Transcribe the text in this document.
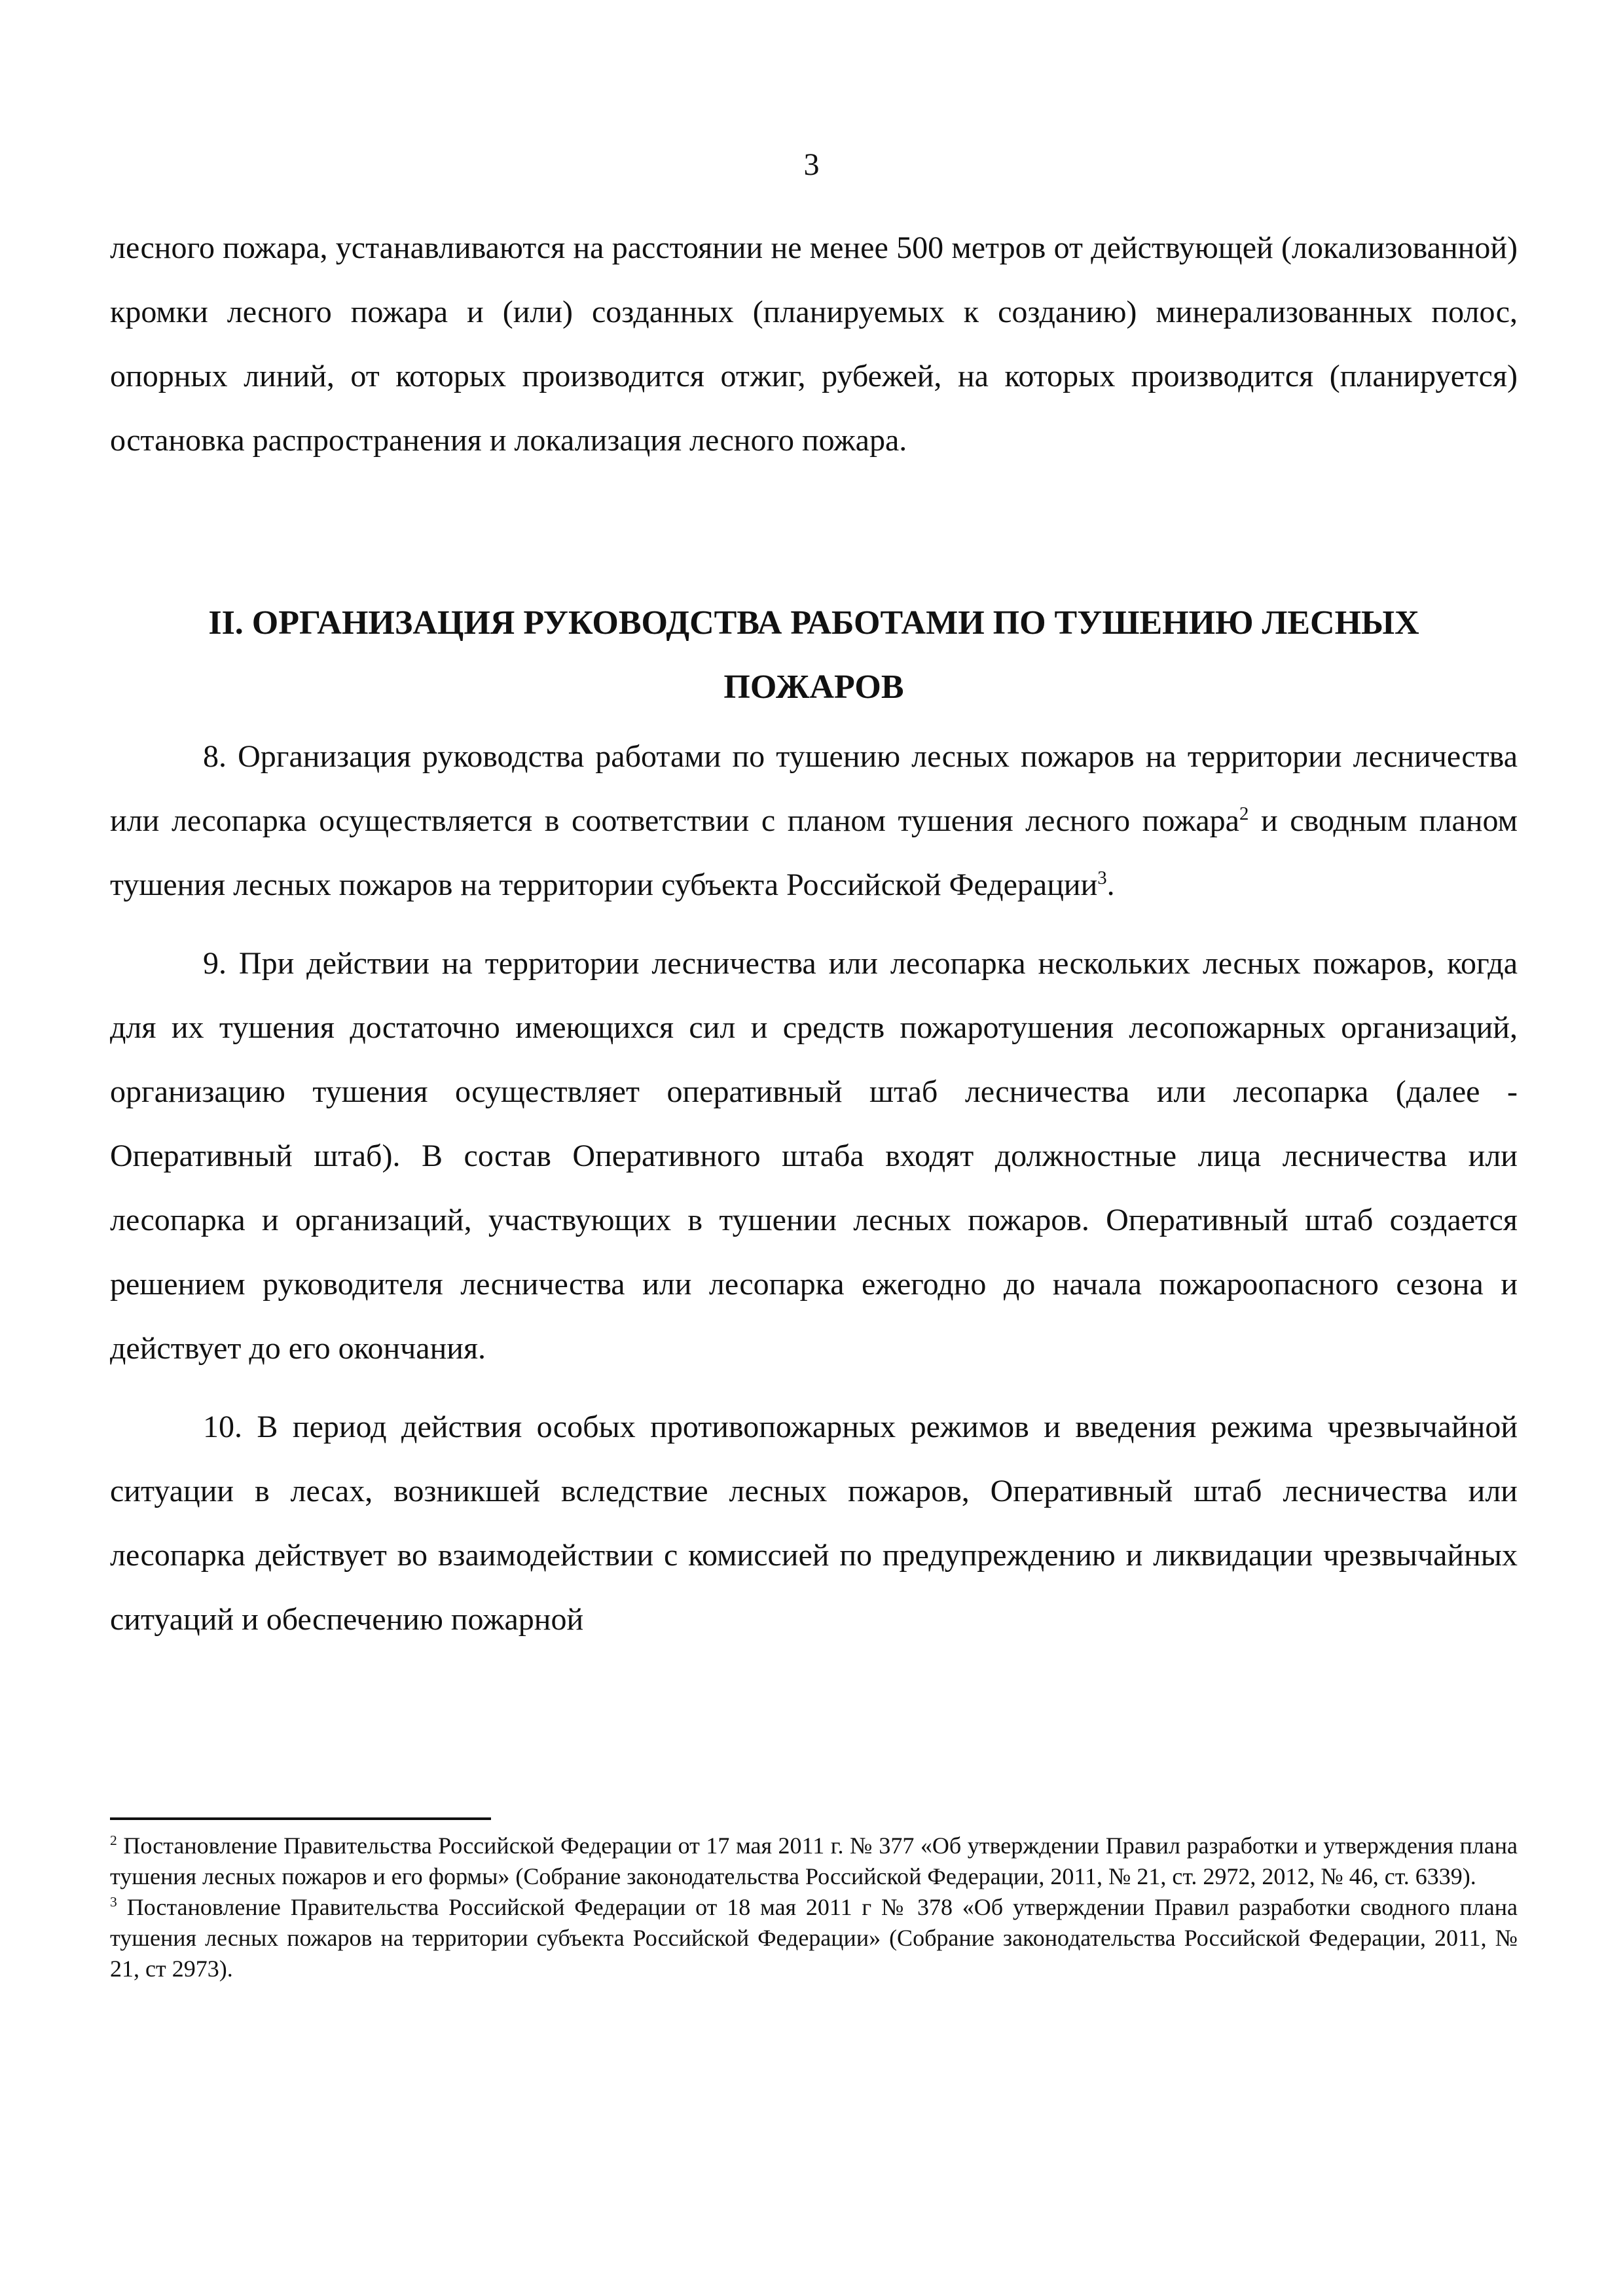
3

лесного пожара, устанавливаются на расстоянии не менее 500 метров от действующей (локализованной) кромки лесного пожара и (или) созданных (планируемых к созданию) минерализованных полос, опорных линий, от которых производится отжиг, рубежей, на которых производится (планируется) остановка распространения и локализация лесного пожара.

II. ОРГАНИЗАЦИЯ РУКОВОДСТВА РАБОТАМИ ПО ТУШЕНИЮ ЛЕСНЫХ
ПОЖАРОВ

8. Организация руководства работами по тушению лесных пожаров на территории лесничества или лесопарка осуществляется в соответствии с планом тушения лесного пожара$^2$ и сводным планом тушения лесных пожаров на территории субъекта Российской Федерации$^3$.

9. При действии на территории лесничества или лесопарка нескольких лесных пожаров, когда для их тушения достаточно имеющихся сил и средств пожаротушения лесопожарных организаций, организацию тушения осуществляет оперативный штаб лесничества или лесопарка (далее - Оперативный штаб). В состав Оперативного штаба входят должностные лица лесничества или лесопарка и организаций, участвующих в тушении лесных пожаров. Оперативный штаб создается решением руководителя лесничества или лесопарка ежегодно до начала пожароопасного сезона и действует до его окончания.

10. В период действия особых противопожарных режимов и введения режима чрезвычайной ситуации в лесах, возникшей вследствие лесных пожаров, Оперативный штаб лесничества или лесопарка действует во взаимодействии с комиссией по предупреждению и ликвидации чрезвычайных ситуаций и обеспечению пожарной

$^2$ Постановление Правительства Российской Федерации от 17 мая 2011 г. № 377 «Об утверждении Правил разработки и утверждения плана тушения лесных пожаров и его формы» (Собрание законодательства Российской Федерации, 2011, № 21, ст. 2972, 2012, № 46, ст. 6339).

$^3$ Постановление Правительства Российской Федерации от 18 мая 2011 г № 378 «Об утверждении Правил разработки сводного плана тушения лесных пожаров на территории субъекта Российской Федерации» (Собрание законодательства Российской Федерации, 2011, № 21, ст 2973).
